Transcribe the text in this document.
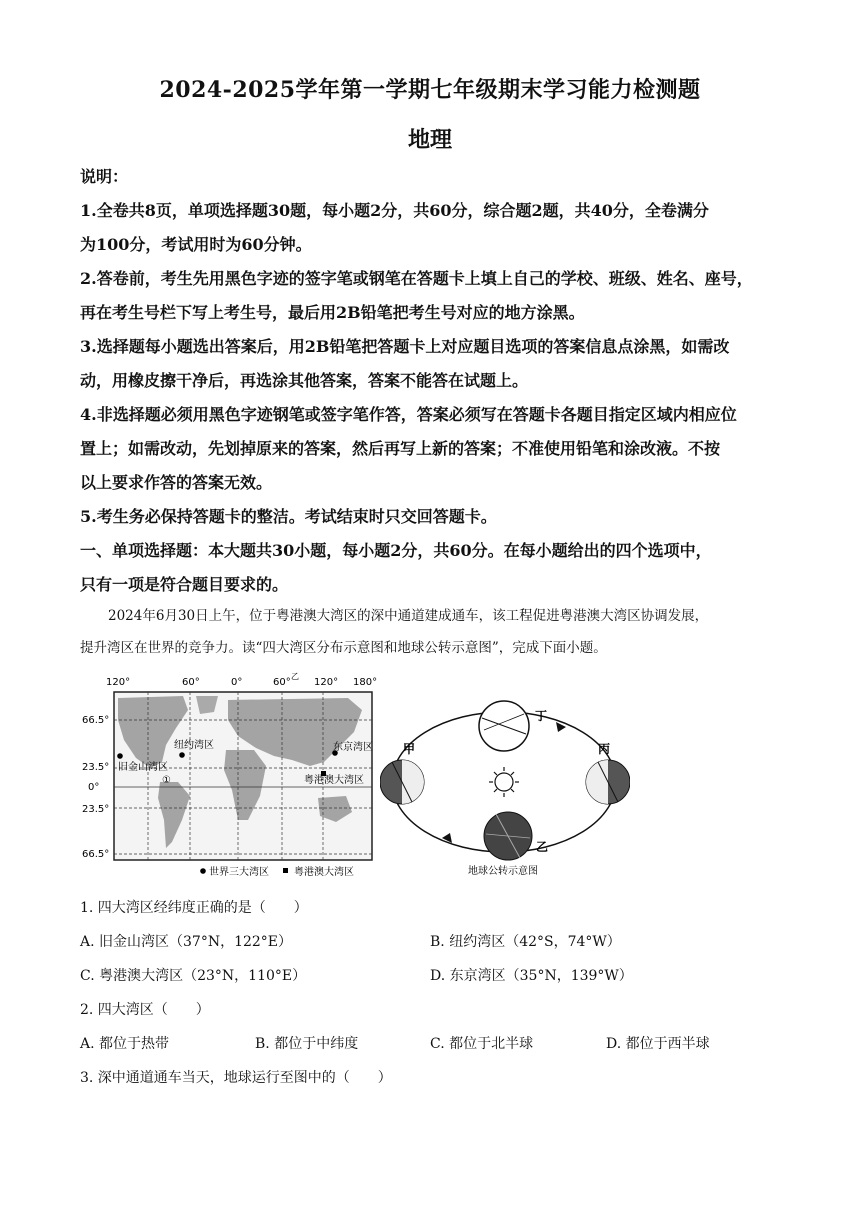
2024-2025学年第一学期七年级期末学习能力检测题
地理
说明：
1.全卷共8页，单项选择题30题，每小题2分，共60分，综合题2题，共40分，全卷满分
为100分，考试用时为60分钟。
2.答卷前，考生先用黑色字迹的签字笔或钢笔在答题卡上填上自己的学校、班级、姓名、座号，
再在考生号栏下写上考生号，最后用2B铅笔把考生号对应的地方涂黑。
3.选择题每小题选出答案后，用2B铅笔把答题卡上对应题目选项的答案信息点涂黑，如需改
动，用橡皮擦干净后，再选涂其他答案，答案不能答在试题上。
4.非选择题必须用黑色字迹钢笔或签字笔作答，答案必须写在答题卡各题目指定区域内相应位
置上；如需改动，先划掉原来的答案，然后再写上新的答案；不准使用铅笔和涂改液。不按
以上要求作答的答案无效。
5.考生务必保持答题卡的整洁。考试结束时只交回答题卡。
一、单项选择题：本大题共30小题，每小题2分，共60分。在每小题给出的四个选项中，
只有一项是符合题目要求的。
2024年6月30日上午，位于粤港澳大湾区的深中通道建成通车，该工程促进粤港澳大湾区协调发展，
提升湾区在世界的竞争力。读“四大湾区分布示意图和地球公转示意图”，完成下面小题。
120°	60°	0°	60° 120° 180°
乙
66.5°
23.5°
0°
23.5°
66.5°
纽约湾区
旧金山湾区
①
东京湾区
粤港澳大湾区
世界三大湾区	粤港澳大湾区
丁
甲	丙
乙
地球公转示意图
1. 四大湾区经纬度正确的是（　　）
A. 旧金山湾区（37°N，122°E）	B. 纽约湾区（42°S，74°W）
C. 粤港澳大湾区（23°N，110°E）	D. 东京湾区（35°N，139°W）
2. 四大湾区（　　）
A. 都位于热带	B. 都位于中纬度	C. 都位于北半球	D. 都位于西半球
3. 深中通道通车当天，地球运行至图中的（　　）
